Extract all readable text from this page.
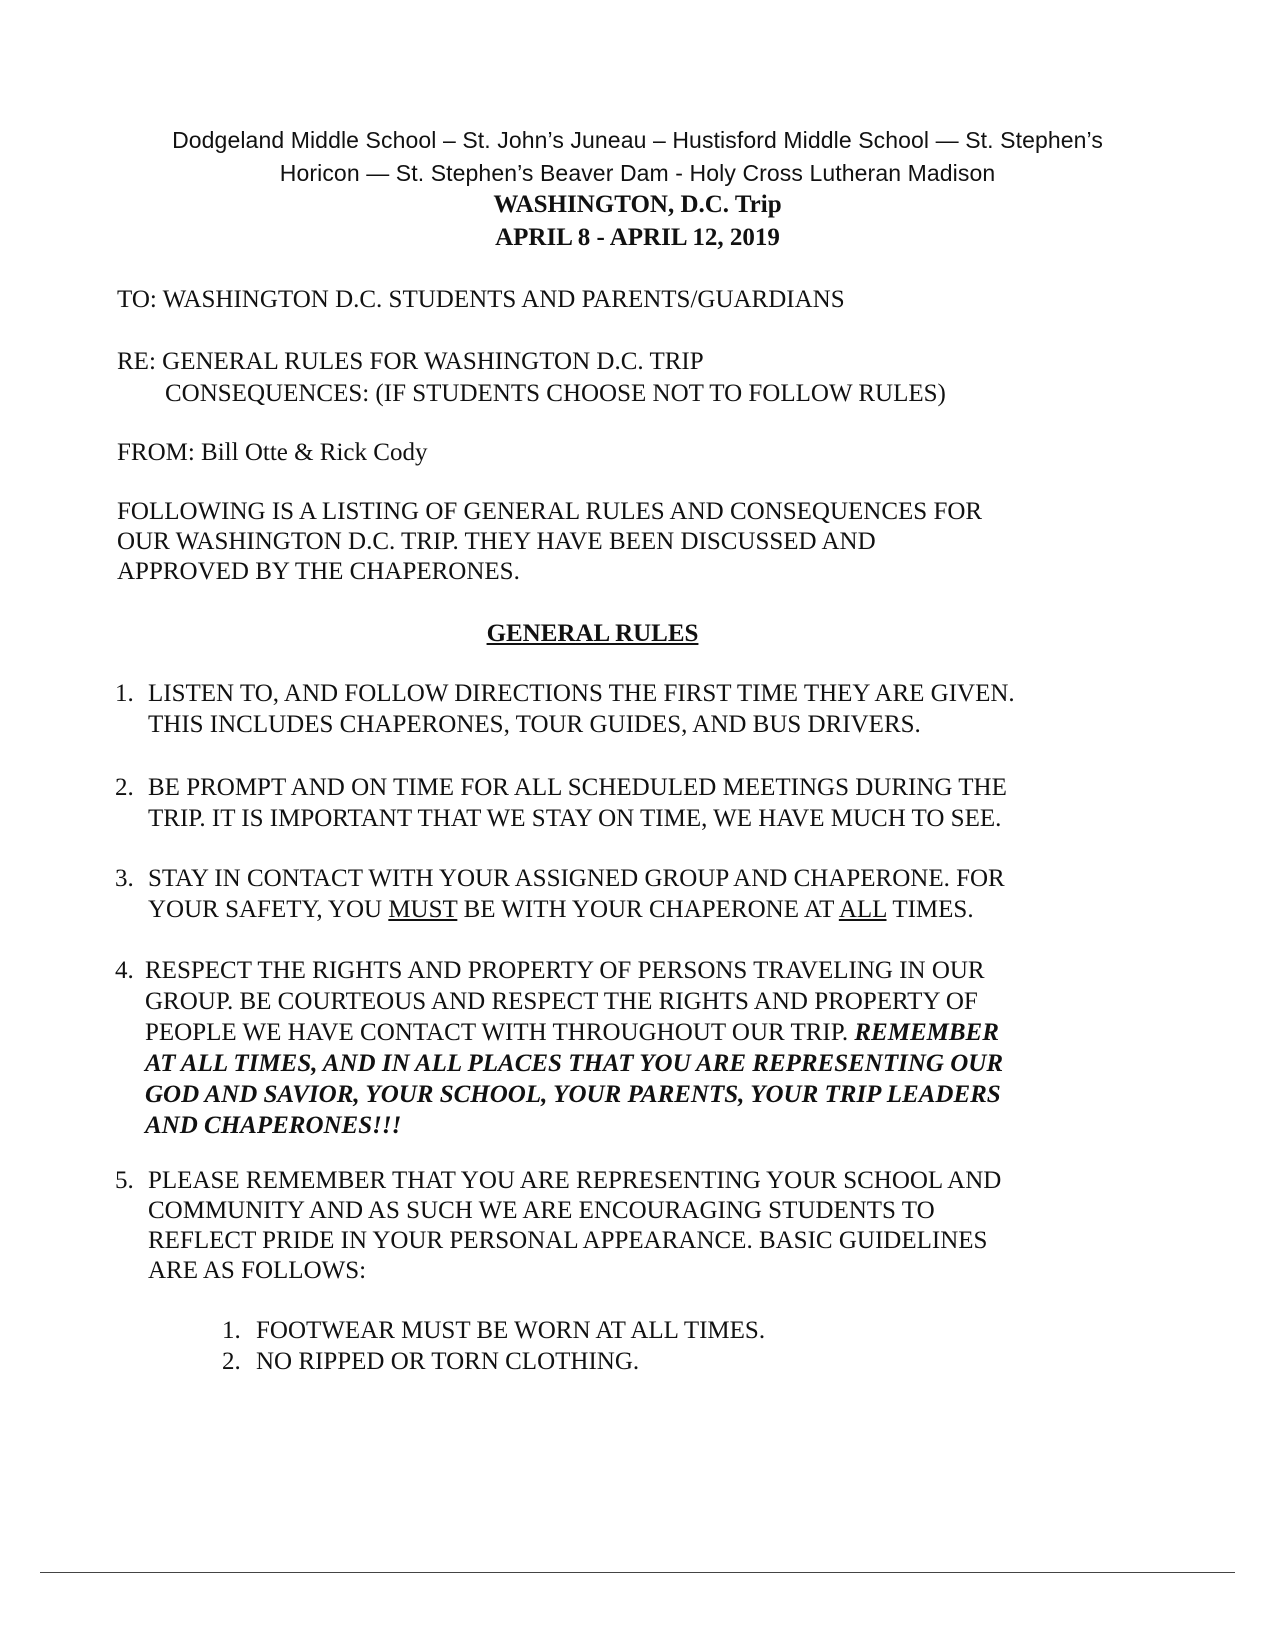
Dodgeland Middle School – St. John’s Juneau – Hustisford Middle School — St. Stephen’s
Horicon — St. Stephen’s Beaver Dam - Holy Cross Lutheran Madison
WASHINGTON, D.C. Trip
APRIL 8 - APRIL 12, 2019
TO: WASHINGTON D.C. STUDENTS AND PARENTS/GUARDIANS
RE: GENERAL RULES FOR WASHINGTON D.C. TRIP
CONSEQUENCES: (IF STUDENTS CHOOSE NOT TO FOLLOW RULES)
FROM: Bill Otte & Rick Cody
FOLLOWING IS A LISTING OF GENERAL RULES AND CONSEQUENCES FOR
OUR WASHINGTON D.C. TRIP. THEY HAVE BEEN DISCUSSED AND
APPROVED BY THE CHAPERONES.
GENERAL RULES
1. LISTEN TO, AND FOLLOW DIRECTIONS THE FIRST TIME THEY ARE GIVEN.
THIS INCLUDES CHAPERONES, TOUR GUIDES, AND BUS DRIVERS.
2. BE PROMPT AND ON TIME FOR ALL SCHEDULED MEETINGS DURING THE
TRIP. IT IS IMPORTANT THAT WE STAY ON TIME, WE HAVE MUCH TO SEE.
3. STAY IN CONTACT WITH YOUR ASSIGNED GROUP AND CHAPERONE. FOR
YOUR SAFETY, YOU MUST BE WITH YOUR CHAPERONE AT ALL TIMES.
4. RESPECT THE RIGHTS AND PROPERTY OF PERSONS TRAVELING IN OUR
GROUP. BE COURTEOUS AND RESPECT THE RIGHTS AND PROPERTY OF
PEOPLE WE HAVE CONTACT WITH THROUGHOUT OUR TRIP. REMEMBER
AT ALL TIMES, AND IN ALL PLACES THAT YOU ARE REPRESENTING OUR
GOD AND SAVIOR, YOUR SCHOOL, YOUR PARENTS, YOUR TRIP LEADERS
AND CHAPERONES!!!
5. PLEASE REMEMBER THAT YOU ARE REPRESENTING YOUR SCHOOL AND
COMMUNITY AND AS SUCH WE ARE ENCOURAGING STUDENTS TO
REFLECT PRIDE IN YOUR PERSONAL APPEARANCE. BASIC GUIDELINES
ARE AS FOLLOWS:
1. FOOTWEAR MUST BE WORN AT ALL TIMES.
2. NO RIPPED OR TORN CLOTHING.
